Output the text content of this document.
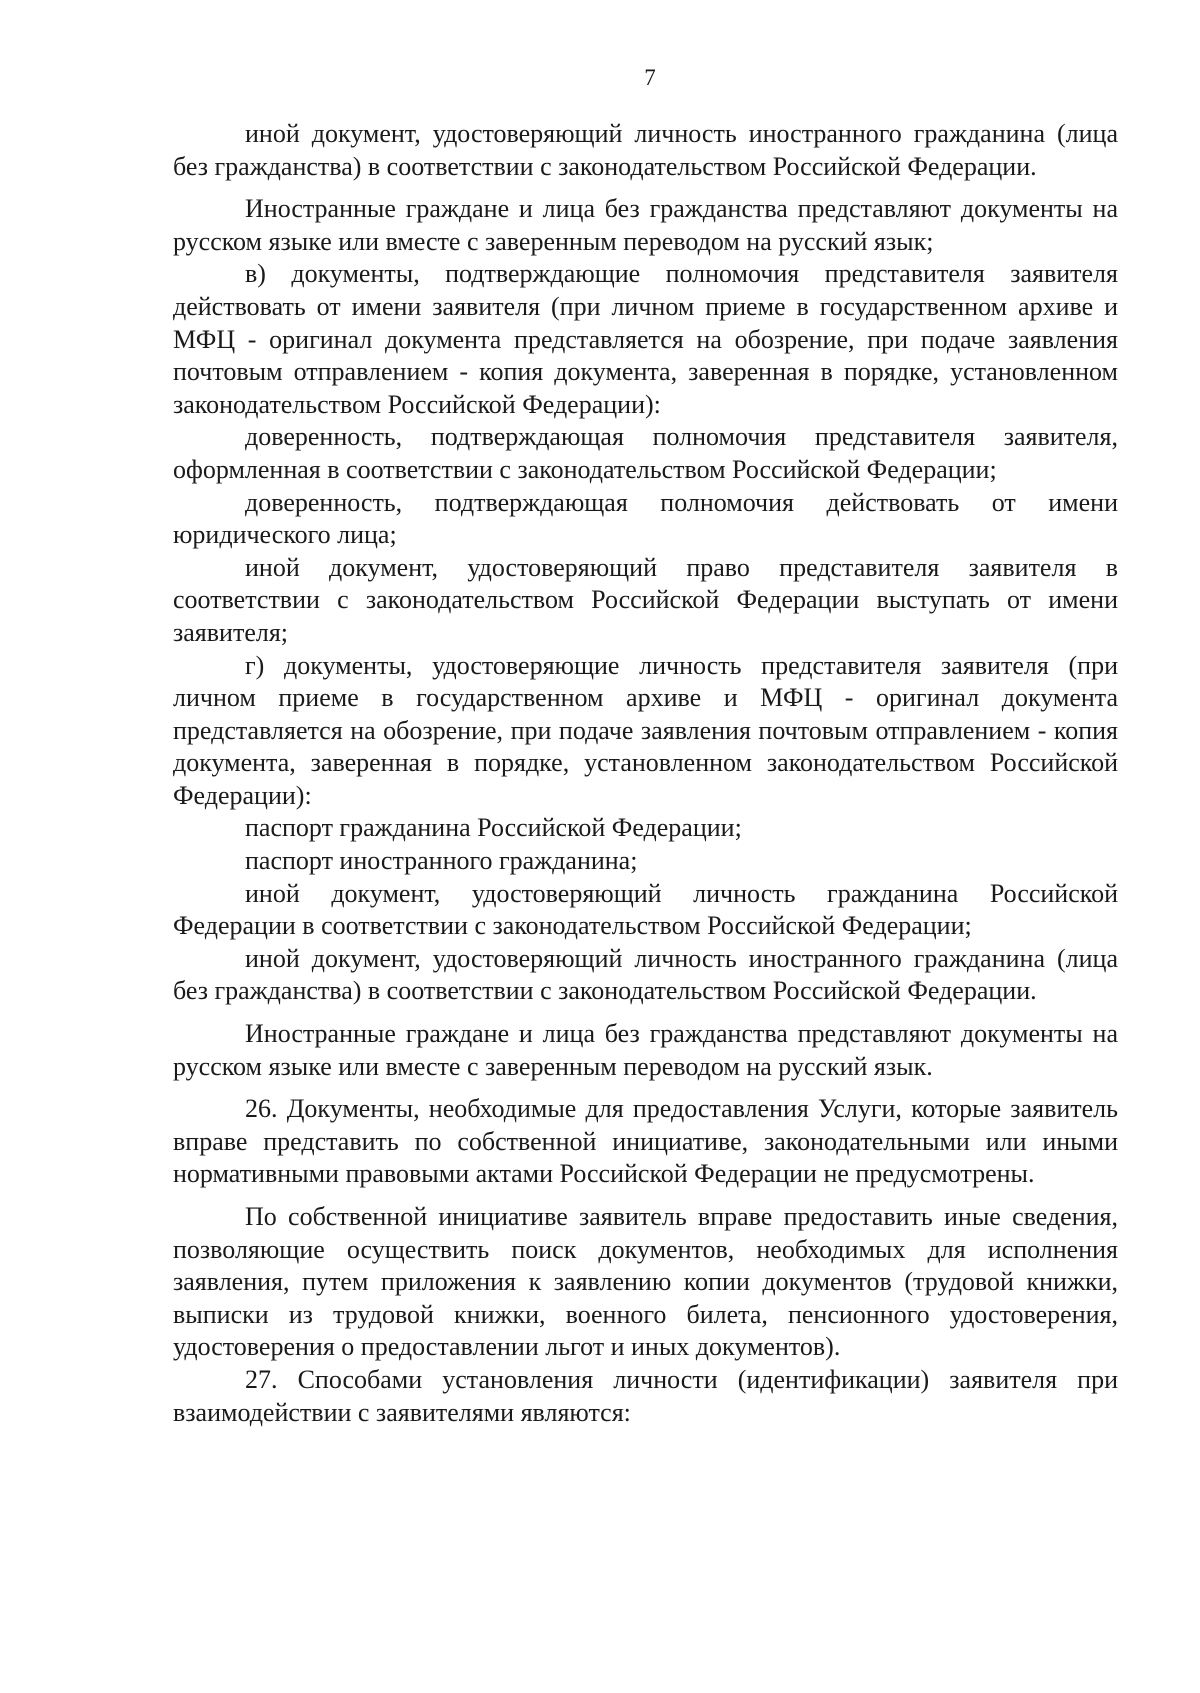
7

иной документ, удостоверяющий личность иностранного гражданина (лица без гражданства) в соответствии с законодательством Российской Федерации.

Иностранные граждане и лица без гражданства представляют документы на русском языке или вместе с заверенным переводом на русский язык;

в) документы, подтверждающие полномочия представителя заявителя действовать от имени заявителя (при личном приеме в государственном архиве и МФЦ - оригинал документа представляется на обозрение, при подаче заявления почтовым отправлением - копия документа, заверенная в порядке, установленном законодательством Российской Федерации):

доверенность, подтверждающая полномочия представителя заявителя, оформленная в соответствии с законодательством Российской Федерации;

доверенность, подтверждающая полномочия действовать от имени юридического лица;

иной документ, удостоверяющий право представителя заявителя в соответствии с законодательством Российской Федерации выступать от имени заявителя;

г) документы, удостоверяющие личность представителя заявителя (при личном приеме в государственном архиве и МФЦ - оригинал документа представляется на обозрение, при подаче заявления почтовым отправлением - копия документа, заверенная в порядке, установленном законодательством Российской Федерации):

паспорт гражданина Российской Федерации;

паспорт иностранного гражданина;

иной документ, удостоверяющий личность гражданина Российской Федерации в соответствии с законодательством Российской Федерации;

иной документ, удостоверяющий личность иностранного гражданина (лица без гражданства) в соответствии с законодательством Российской Федерации.

Иностранные граждане и лица без гражданства представляют документы на русском языке или вместе с заверенным переводом на русский язык.

26. Документы, необходимые для предоставления Услуги, которые заявитель вправе представить по собственной инициативе, законодательными или иными нормативными правовыми актами Российской Федерации не предусмотрены.

По собственной инициативе заявитель вправе предоставить иные сведения, позволяющие осуществить поиск документов, необходимых для исполнения заявления, путем приложения к заявлению копии документов (трудовой книжки, выписки из трудовой книжки, военного билета, пенсионного удостоверения, удостоверения о предоставлении льгот и иных документов).

27. Способами установления личности (идентификации) заявителя при взаимодействии с заявителями являются:
